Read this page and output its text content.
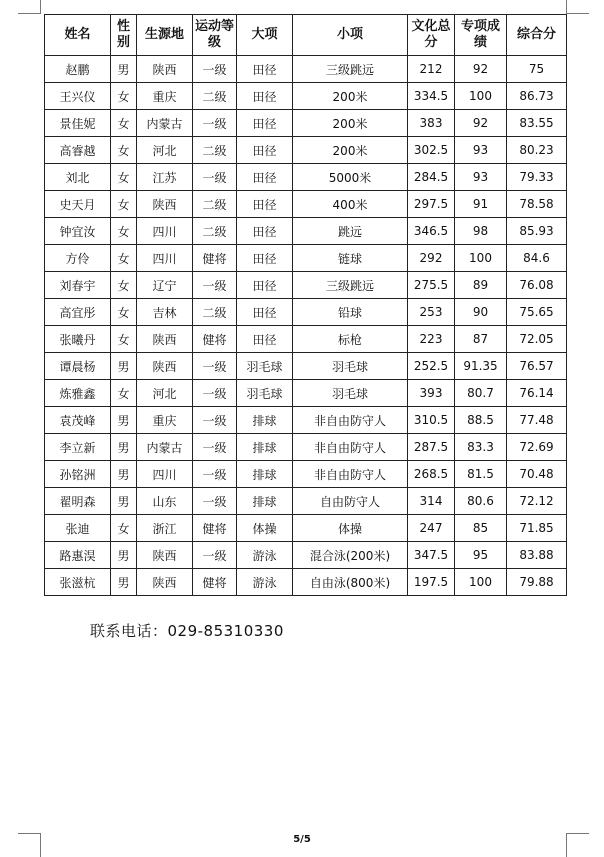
姓名	性别	生源地	运动等级	大项	小项	文化总分	专项成绩	综合分
赵鹏	男	陕西	一级	田径	三级跳远	212	92	75
王兴仪	女	重庆	二级	田径	200米	334.5	100	86.73
景佳妮	女	内蒙古	一级	田径	200米	383	92	83.55
高睿越	女	河北	二级	田径	200米	302.5	93	80.23
刘北	女	江苏	一级	田径	5000米	284.5	93	79.33
史天月	女	陕西	二级	田径	400米	297.5	91	78.58
钟宜汝	女	四川	二级	田径	跳远	346.5	98	85.93
方伶	女	四川	健将	田径	链球	292	100	84.6
刘春宇	女	辽宁	一级	田径	三级跳远	275.5	89	76.08
高宜彤	女	吉林	二级	田径	铅球	253	90	75.65
张曦丹	女	陕西	健将	田径	标枪	223	87	72.05
谭晨杨	男	陕西	一级	羽毛球	羽毛球	252.5	91.35	76.57
炼雅鑫	女	河北	一级	羽毛球	羽毛球	393	80.7	76.14
袁茂峰	男	重庆	一级	排球	非自由防守人	310.5	88.5	77.48
李立新	男	内蒙古	一级	排球	非自由防守人	287.5	83.3	72.69
孙铭洲	男	四川	一级	排球	非自由防守人	268.5	81.5	70.48
翟明森	男	山东	一级	排球	自由防守人	314	80.6	72.12
张迪	女	浙江	健将	体操	体操	247	85	71.85
路惠淏	男	陕西	一级	游泳	混合泳(200米)	347.5	95	83.88
张滋杭	男	陕西	健将	游泳	自由泳(800米)	197.5	100	79.88
联系电话：029-85310330
5/5
